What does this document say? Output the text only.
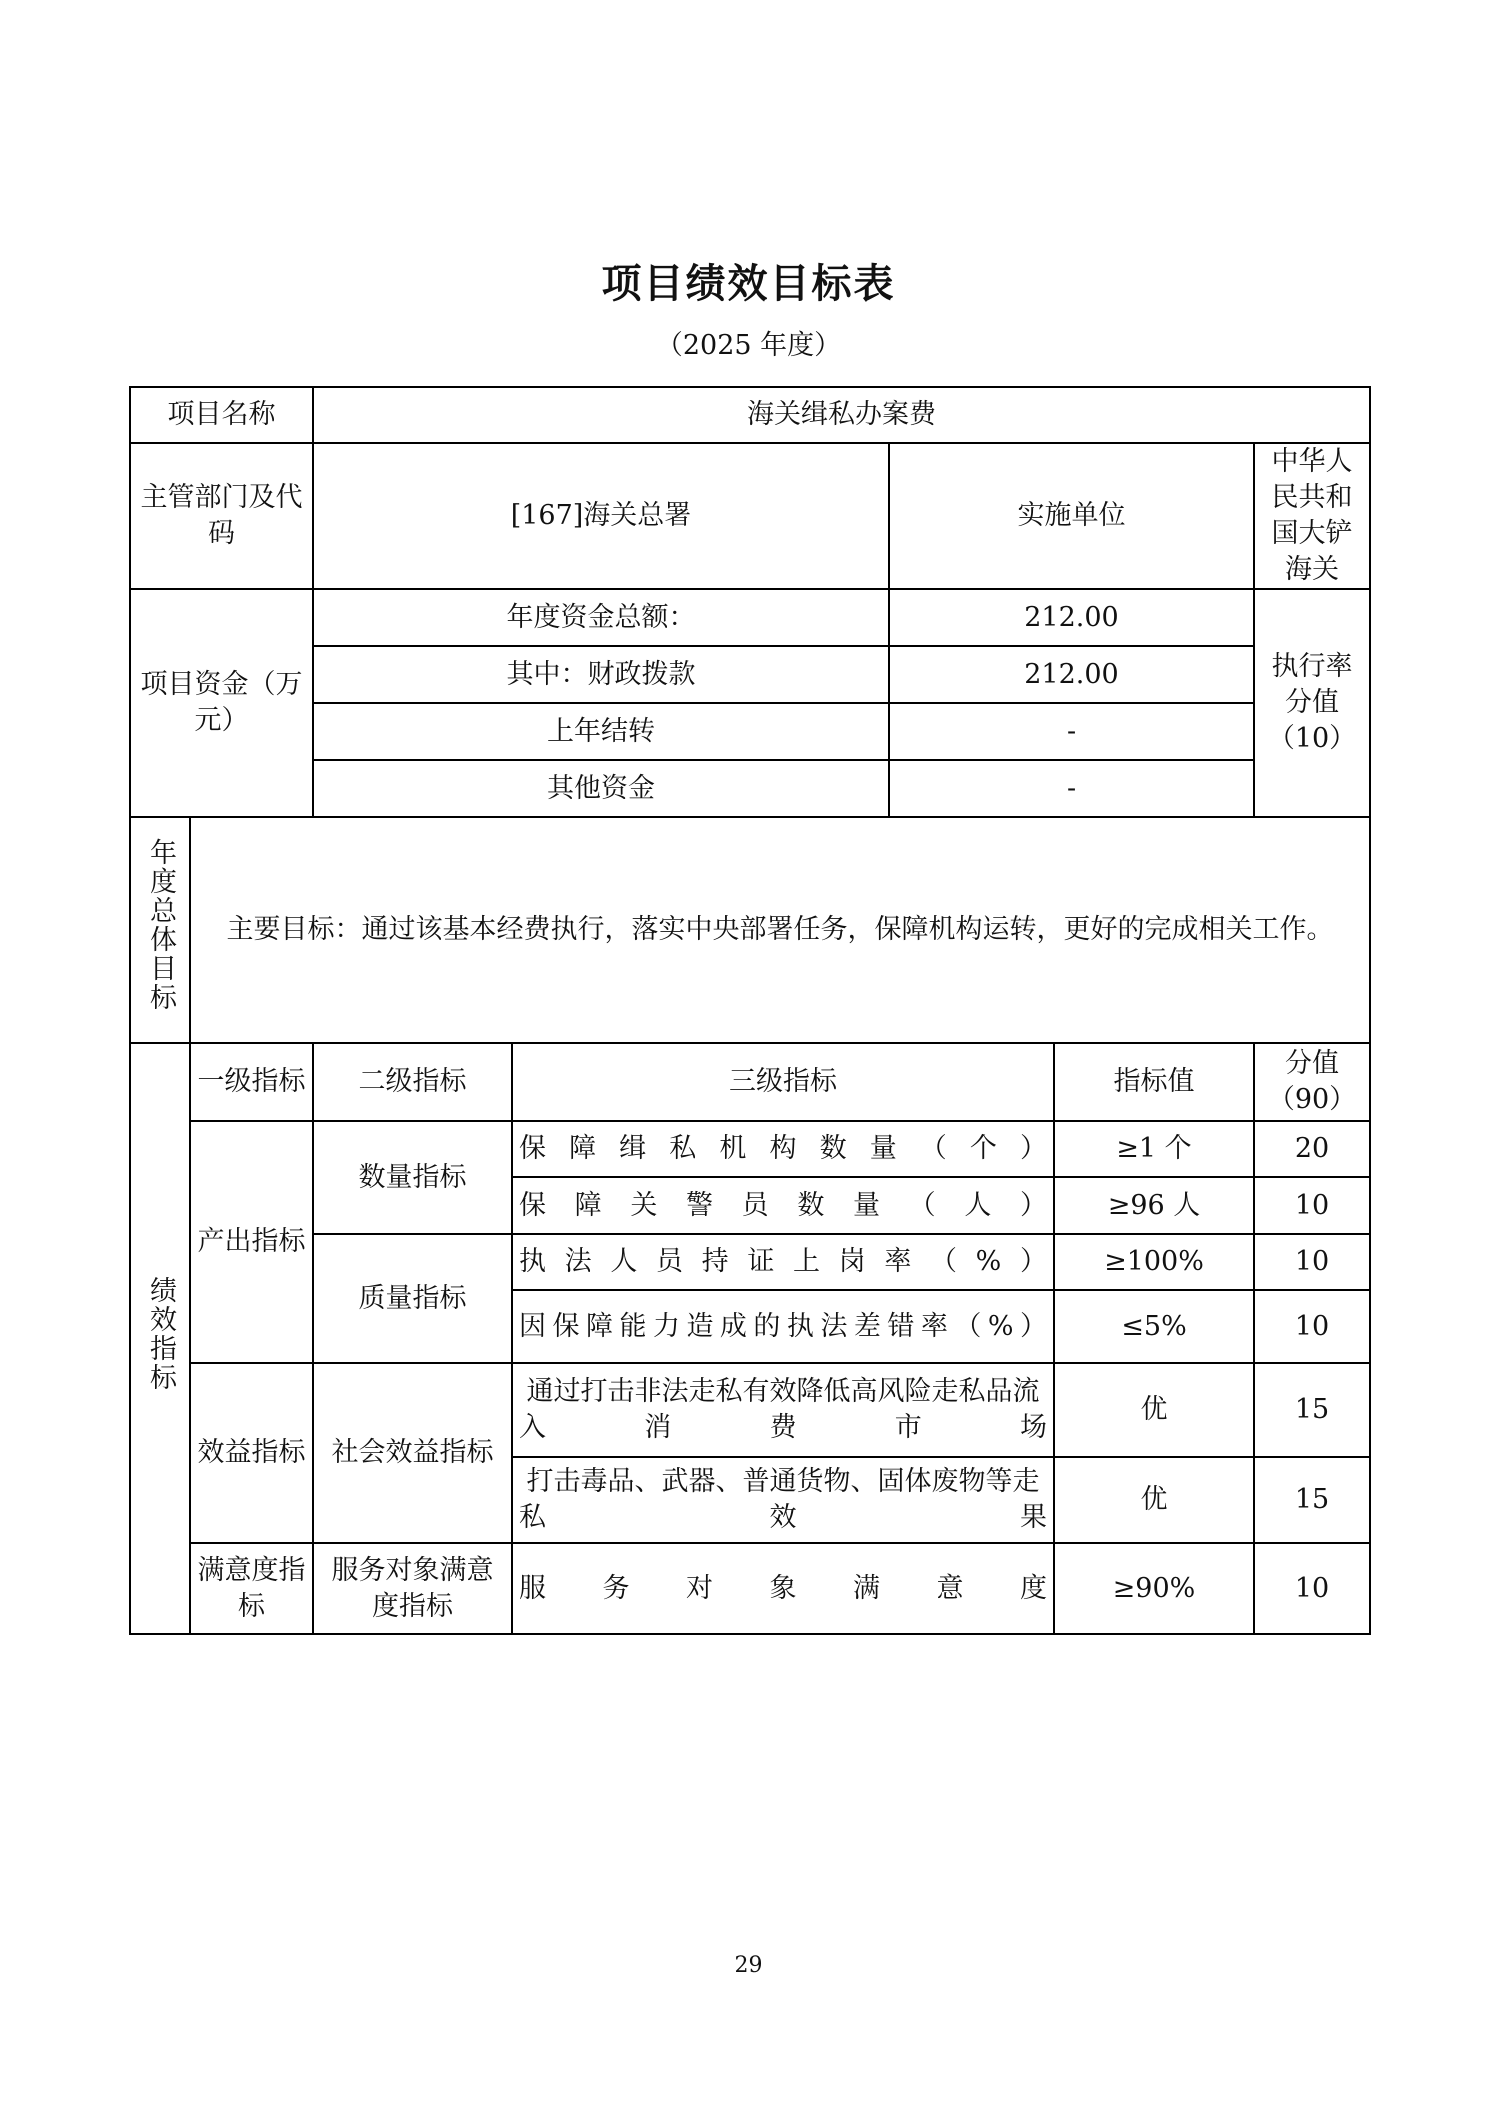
项目绩效目标表
（2025 年度）
项目名称		海关缉私办案费				
主管部门及代码		[167]海关总署		实施单位		中华人民共和国大铲海关
项目资金（万元）		年度资金总额：		212.00		执行率分值（10）
		其中：财政拨款		212.00		
		上年结转		-		
		其他资金		-		
年度总体目标	主要目标：通过该基本经费执行，落实中央部署任务，保障机构运转，更好的完成相关工作。					
绩效指标	一级指标	二级指标	三级指标		指标值	分值（90）
	产出指标	数量指标	保障缉私机构数量（个）		≥1 个	20
			保障关警员数量（人）		≥96 人	10
		质量指标	执法人员持证上岗率（%）		≥100%	10
			因保障能力造成的执法差错率（%）		≤5%	10
	效益指标	社会效益指标	通过打击非法走私有效降低高风险走私品流入消费市场		优	15
			打击毒品、武器、普通货物、固体废物等走私效果		优	15
	满意度指标	服务对象满意度指标	服务对象满意度		≥90%	10
29
